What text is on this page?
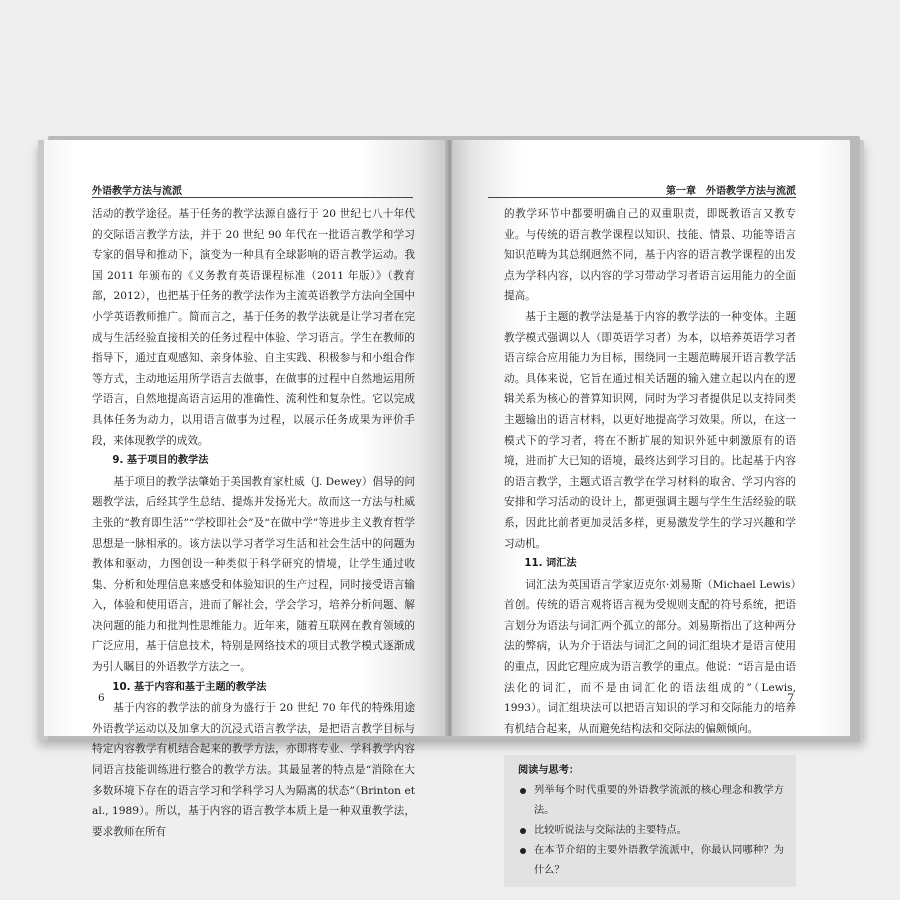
外语教学方法与流派

活动的教学途径。基于任务的教学法源自盛行于 20 世纪七八十年代的交际语言教学方法，并于 20 世纪 90 年代在一批语言教学和学习专家的倡导和推动下，演变为一种具有全球影响的语言教学运动。我国 2011 年颁布的《义务教育英语课程标准（2011 年版）》（教育部，2012），也把基于任务的教学法作为主流英语教学方法向全国中小学英语教师推广。简而言之，基于任务的教学法就是让学习者在完成与生活经验直接相关的任务过程中体验、学习语言。学生在教师的指导下，通过直观感知、亲身体验、自主实践、积极参与和小组合作等方式，主动地运用所学语言去做事，在做事的过程中自然地运用所学语言，自然地提高语言运用的准确性、流利性和复杂性。它以完成具体任务为动力，以用语言做事为过程，以展示任务成果为评价手段，来体现教学的成效。

9. 基于项目的教学法

基于项目的教学法肇始于美国教育家杜威（J. Dewey）倡导的问题教学法，后经其学生总结、提炼并发扬光大。故而这一方法与杜威主张的“教育即生活”“学校即社会”及“在做中学”等进步主义教育哲学思想是一脉相承的。该方法以学习者学习生活和社会生活中的问题为教体和驱动，力图创设一种类似于科学研究的情境，让学生通过收集、分析和处理信息来感受和体验知识的生产过程，同时接受语言输入，体验和使用语言，进而了解社会，学会学习，培养分析问题、解决问题的能力和批判性思维能力。近年来，随着互联网在教育领域的广泛应用，基于信息技术，特别是网络技术的项目式教学模式逐渐成为引人瞩目的外语教学方法之一。

10. 基于内容和基于主题的教学法

基于内容的教学法的前身为盛行于 20 世纪 70 年代的特殊用途外语教学运动以及加拿大的沉浸式语言教学法，是把语言教学目标与特定内容教学有机结合起来的教学方法，亦即将专业、学科教学内容同语言技能训练进行整合的教学方法。其最显著的特点是“消除在大多数环境下存在的语言学习和学科学习人为隔离的状态”（Brinton et al., 1989）。所以，基于内容的语言教学本质上是一种双重教学法，要求教师在所有

6
第一章　外语教学方法与流派

的教学环节中都要明确自己的双重职责，即既教语言又教专业。与传统的语言教学课程以知识、技能、情景、功能等语言知识范畴为其总纲迥然不同，基于内容的语言教学课程的出发点为学科内容，以内容的学习带动学习者语言运用能力的全面提高。

基于主题的教学法是基于内容的教学法的一种变体。主题教学模式强调以人（即英语学习者）为本，以培养英语学习者语言综合应用能力为目标，围绕同一主题范畴展开语言教学活动。具体来说，它旨在通过相关话题的输入建立起以内在的逻辑关系为核心的普算知识网，同时为学习者提供足以支持同类主题输出的语言材料，以更好地提高学习效果。所以，在这一模式下的学习者，将在不断扩展的知识外延中刺激原有的语境，进而扩大已知的语境，最终达到学习目的。比起基于内容的语言教学，主题式语言教学在学习材料的取舍、学习内容的安排和学习活动的设计上，都更强调主题与学生生活经验的联系，因此比前者更加灵活多样，更易激发学生的学习兴趣和学习动机。

11. 词汇法

词汇法为英国语言学家迈克尔·刘易斯（Michael Lewis）首创。传统的语言观将语言视为受规则支配的符号系统，把语言划分为语法与词汇两个孤立的部分。刘易斯指出了这种两分法的弊病，认为介于语法与词汇之间的词汇组块才是语言使用的重点，因此它理应成为语言教学的重点。他说：“语言是由语法化的词汇，而不是由词汇化的语法组成的”（Lewis, 1993）。词汇组块法可以把语言知识的学习和交际能力的培养有机结合起来，从而避免结构法和交际法的偏颇倾向。

阅读与思考：
列举每个时代重要的外语教学流派的核心理念和教学方法。
比较听说法与交际法的主要特点。
在本节介绍的主要外语教学流派中，你最认同哪种？为什么？
7
